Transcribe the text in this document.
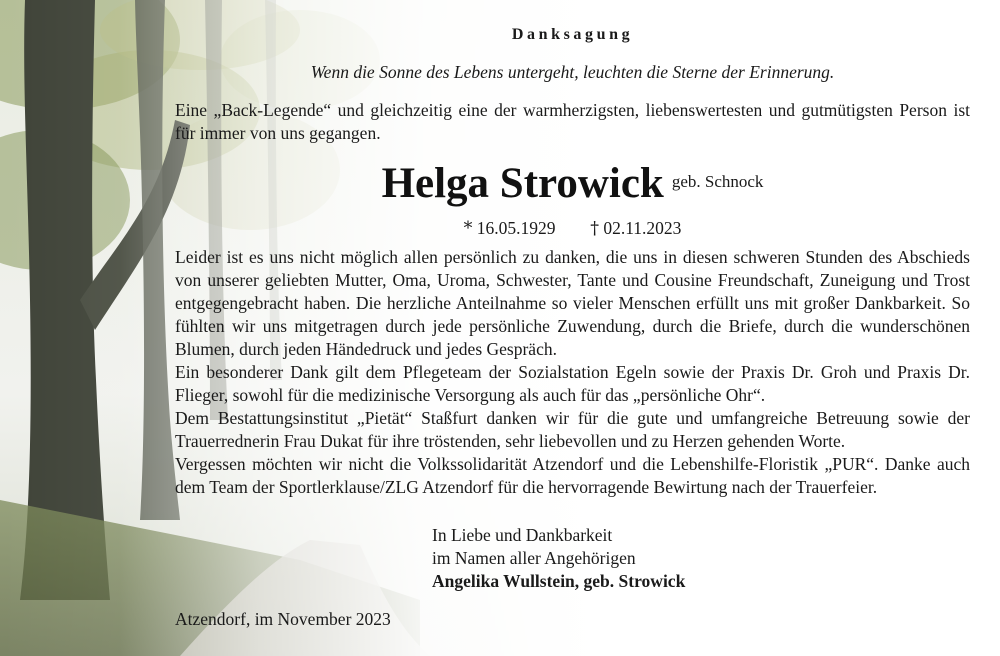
Danksagung

Wenn die Sonne des Lebens untergeht, leuchten die Sterne der Erinnerung.

Eine „Back-Legende“ und gleichzeitig eine der warmherzigsten, liebenswertesten und gutmütigsten Person ist für immer von uns gegangen.

Helga Strowick geb. Schnock

* 16.05.1929 † 02.11.2023

Leider ist es uns nicht möglich allen persönlich zu danken, die uns in diesen schweren Stunden des Abschieds von unserer geliebten Mutter, Oma, Uroma, Schwester, Tante und Cousine Freundschaft, Zuneigung und Trost entgegengebracht haben. Die herzliche Anteilnahme so vieler Menschen erfüllt uns mit großer Dankbarkeit. So fühlten wir uns mitgetragen durch jede persönliche Zuwendung, durch die Briefe, durch die wunderschönen Blumen, durch jeden Händedruck und jedes Gespräch.

Ein besonderer Dank gilt dem Pflegeteam der Sozialstation Egeln sowie der Praxis Dr. Groh und Praxis Dr. Flieger, sowohl für die medizinische Versorgung als auch für das „persönliche Ohr“.

Dem Bestattungsinstitut „Pietät“ Staßfurt danken wir für die gute und umfangreiche Betreuung sowie der Trauerrednerin Frau Dukat für ihre tröstenden, sehr liebevollen und zu Herzen gehenden Worte.

Vergessen möchten wir nicht die Volkssolidarität Atzendorf und die Lebenshilfe-Floristik „PUR“. Danke auch dem Team der Sportlerklause/ZLG Atzendorf für die hervorragende Bewirtung nach der Trauerfeier.

In Liebe und Dankbarkeit
im Namen aller Angehörigen
Angelika Wullstein, geb. Strowick

Atzendorf, im November 2023
